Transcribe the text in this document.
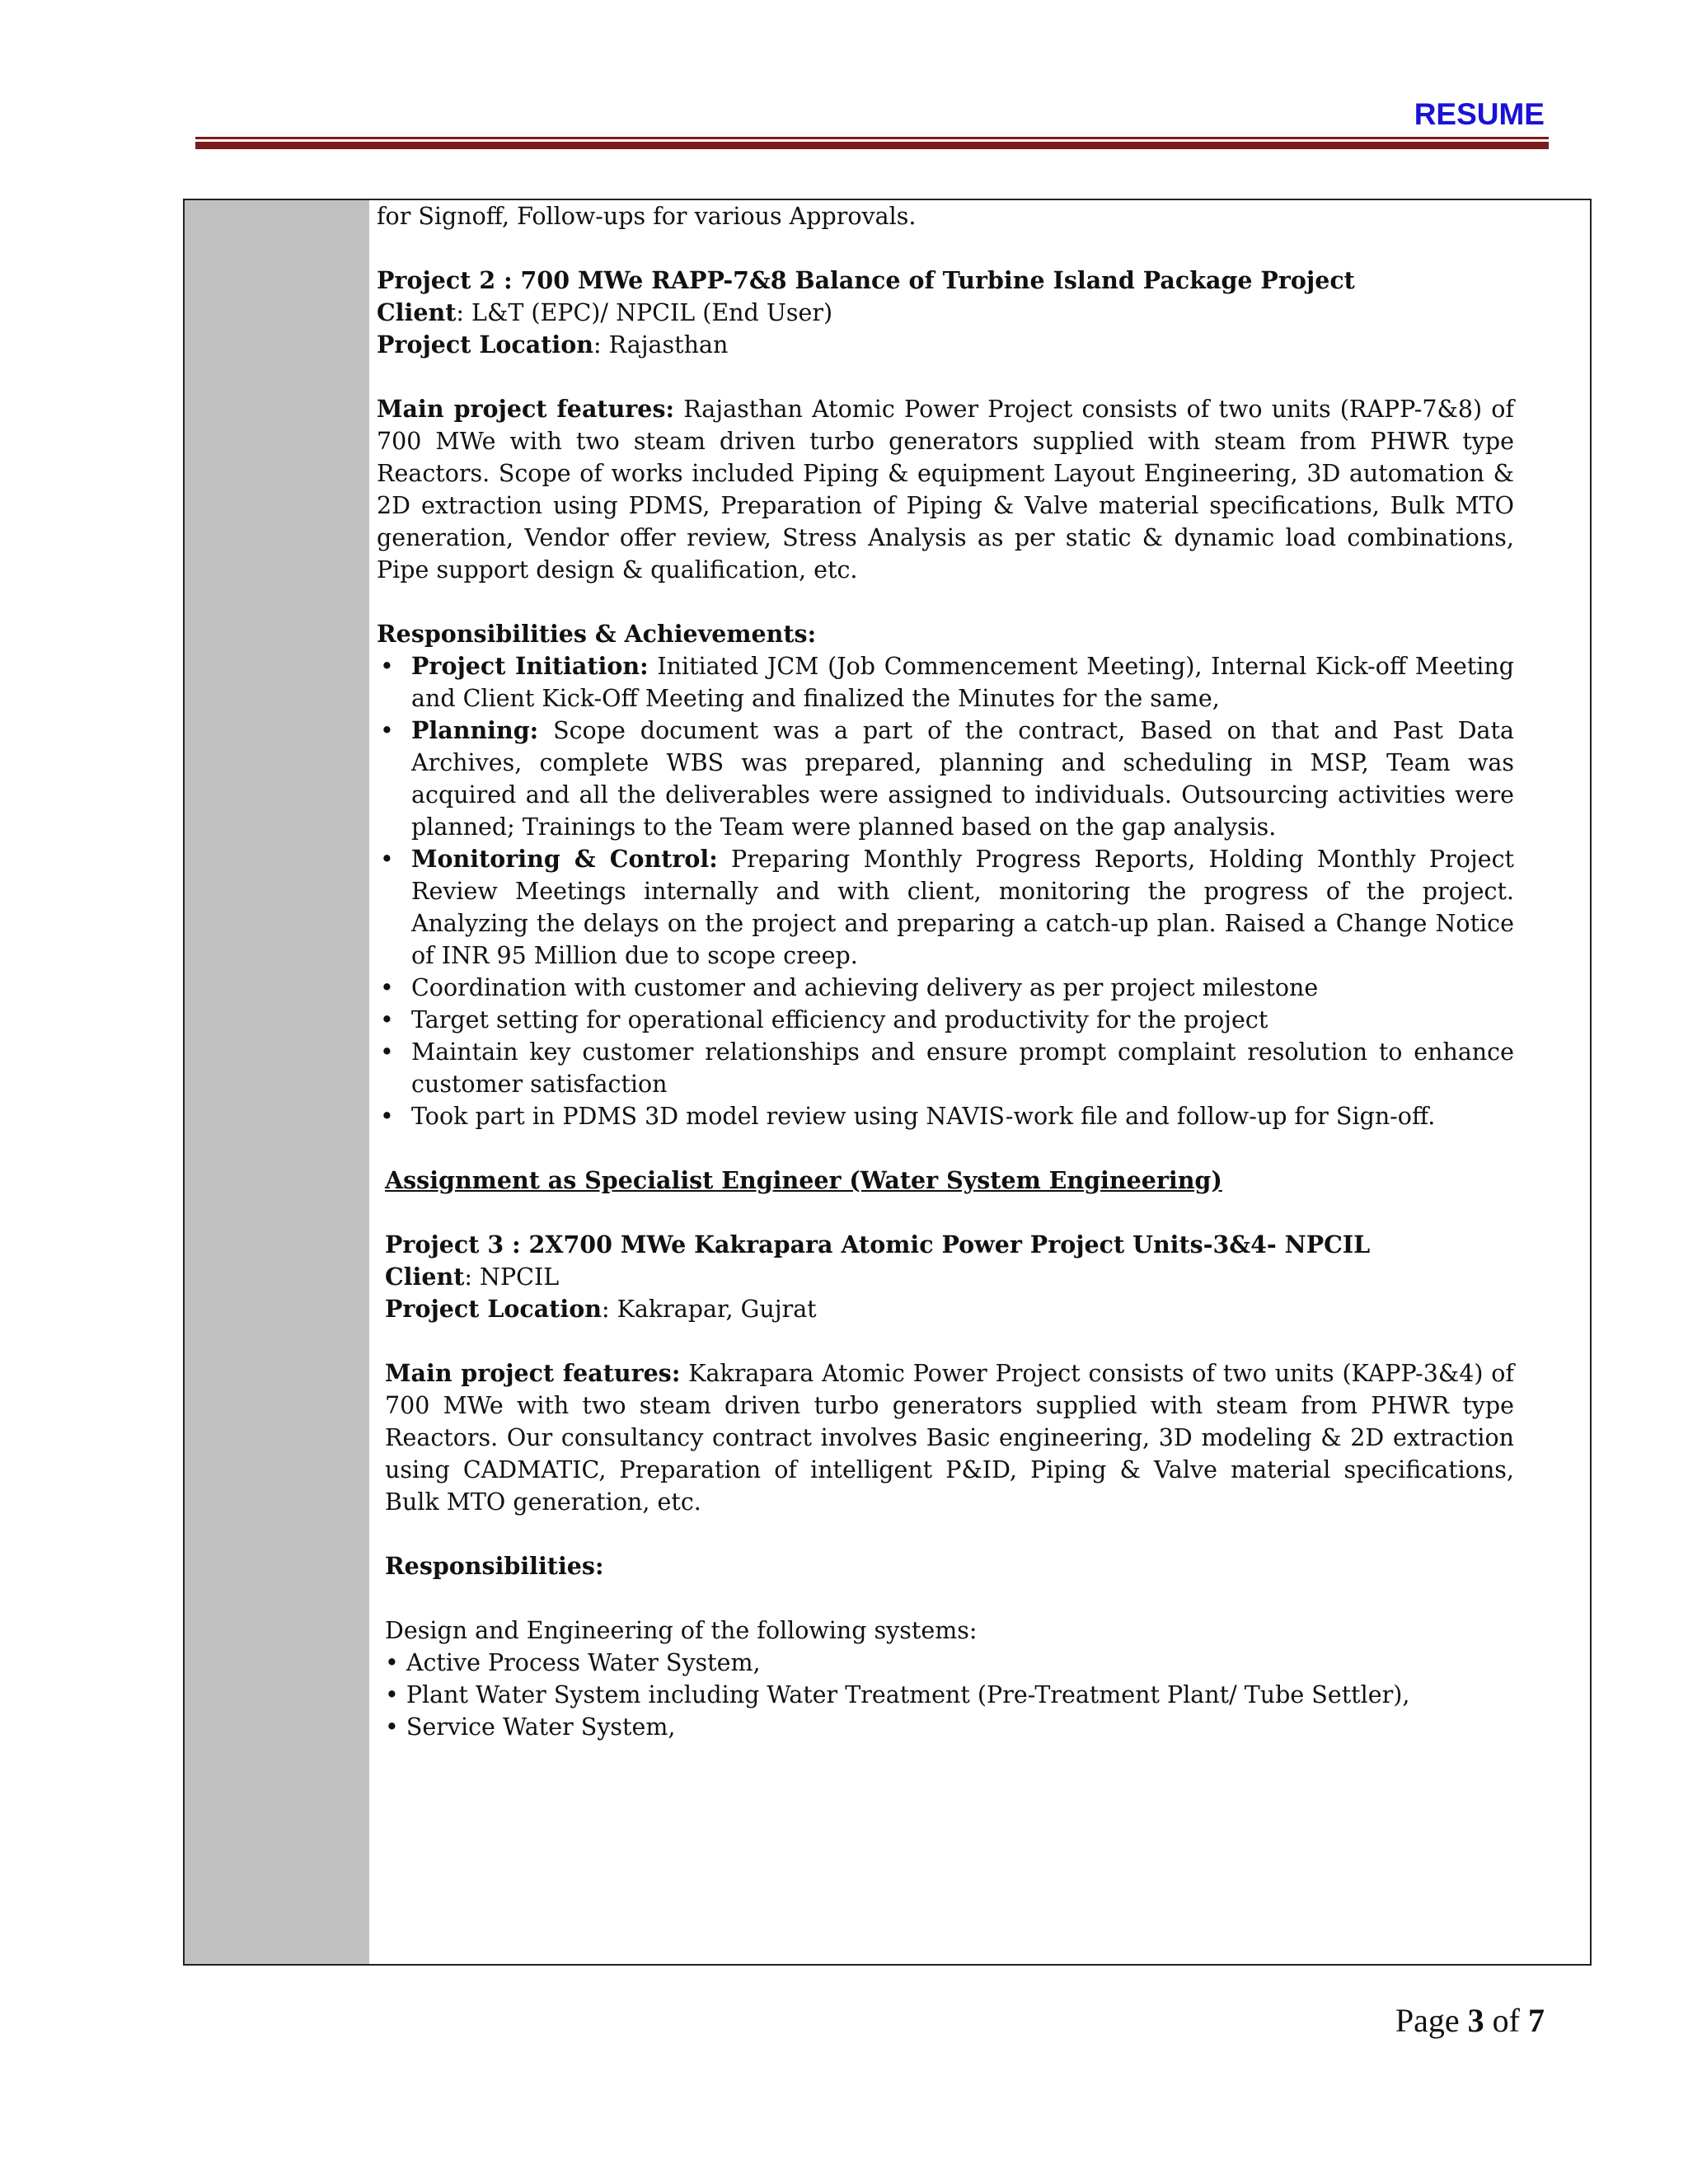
RESUME

for Signoff, Follow-ups for various Approvals.

Project 2 : 700 MWe RAPP-7&8 Balance of Turbine Island Package Project

Client: L&T (EPC)/ NPCIL (End User)

Project Location: Rajasthan

Main project features: Rajasthan Atomic Power Project consists of two units (RAPP-7&8) of 700 MWe with two steam driven turbo generators supplied with steam from PHWR type Reactors. Scope of works included Piping & equipment Layout Engineering, 3D automation & 2D extraction using PDMS, Preparation of Piping & Valve material specifications, Bulk MTO generation, Vendor offer review, Stress Analysis as per static & dynamic load combinations, Pipe support design & qualification, etc.

Responsibilities & Achievements:

• Project Initiation: Initiated JCM (Job Commencement Meeting), Internal Kick-off Meeting and Client Kick-Off Meeting and finalized the Minutes for the same,
• Planning: Scope document was a part of the contract, Based on that and Past Data Archives, complete WBS was prepared, planning and scheduling in MSP, Team was acquired and all the deliverables were assigned to individuals. Outsourcing activities were planned; Trainings to the Team were planned based on the gap analysis.
• Monitoring & Control: Preparing Monthly Progress Reports, Holding Monthly Project Review Meetings internally and with client, monitoring the progress of the project. Analyzing the delays on the project and preparing a catch-up plan. Raised a Change Notice of INR 95 Million due to scope creep.
• Coordination with customer and achieving delivery as per project milestone
• Target setting for operational efficiency and productivity for the project
• Maintain key customer relationships and ensure prompt complaint resolution to enhance customer satisfaction
• Took part in PDMS 3D model review using NAVIS-work file and follow-up for Sign-off.

Assignment as Specialist Engineer (Water System Engineering)

Project 3 : 2X700 MWe Kakrapara Atomic Power Project Units-3&4- NPCIL

Client: NPCIL

Project Location: Kakrapar, Gujrat

Main project features: Kakrapara Atomic Power Project consists of two units (KAPP-3&4) of 700 MWe with two steam driven turbo generators supplied with steam from PHWR type Reactors. Our consultancy contract involves Basic engineering, 3D modeling & 2D extraction using CADMATIC, Preparation of intelligent P&ID, Piping & Valve material specifications, Bulk MTO generation, etc.

Responsibilities:

Design and Engineering of the following systems:

• Active Process Water System,

• Plant Water System including Water Treatment (Pre-Treatment Plant/ Tube Settler),

• Service Water System,

Page 3 of 7
